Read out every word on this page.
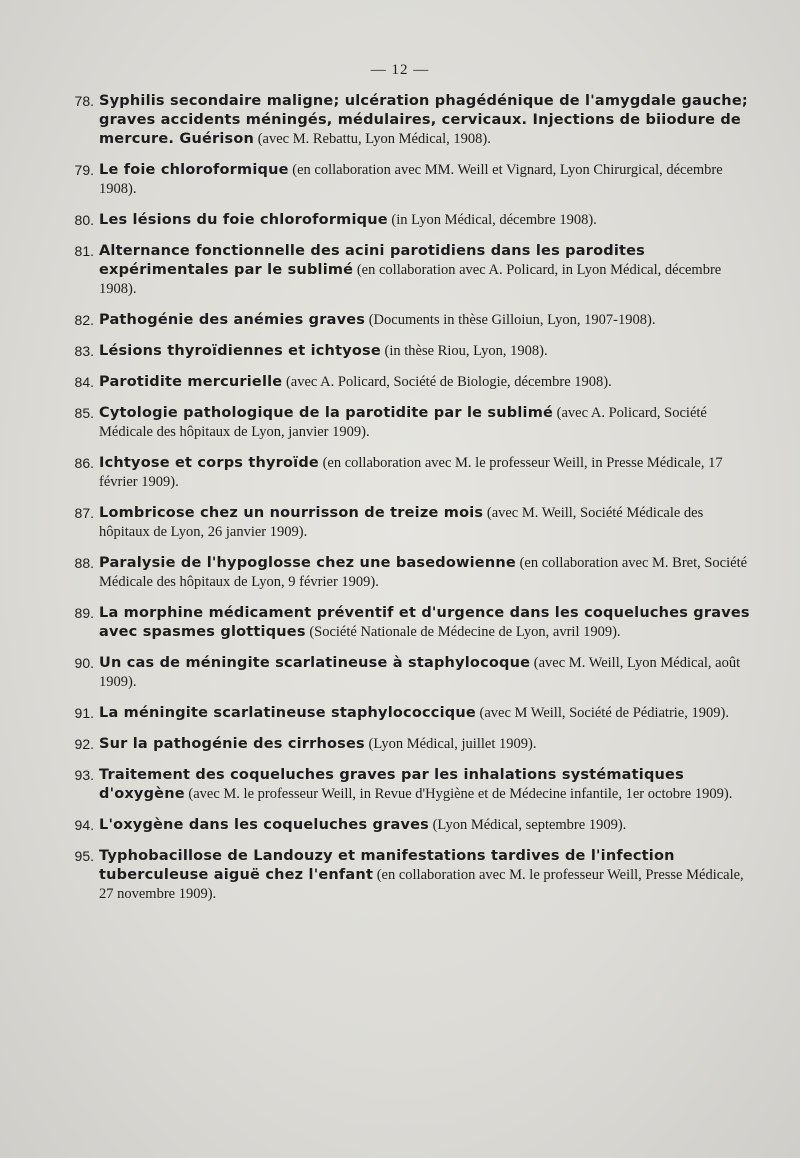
— 12 —
78. Syphilis secondaire maligne; ulcération phagédénique de l'amygdale gauche; graves accidents méningés, médulaires, cervicaux. Injections de biiodure de mercure. Guérison (avec M. Rebattu, Lyon Médical, 1908).
79. Le foie chloroformique (en collaboration avec MM. Weill et Vignard, Lyon Chirurgical, décembre 1908).
80. Les lésions du foie chloroformique (in Lyon Médical, décembre 1908).
81. Alternance fonctionnelle des acini parotidiens dans les parodites expérimentales par le sublimé (en collaboration avec A. Policard, in Lyon Médical, décembre 1908).
82. Pathogénie des anémies graves (Documents in thèse Gilloiun, Lyon, 1907-1908).
83. Lésions thyroïdiennes et ichtyose (in thèse Riou, Lyon, 1908).
84. Parotidite mercurielle (avec A. Policard, Société de Biologie, décembre 1908).
85. Cytologie pathologique de la parotidite par le sublimé (avec A. Policard, Société Médicale des hôpitaux de Lyon, janvier 1909).
86. Ichtyose et corps thyroïde (en collaboration avec M. le professeur Weill, in Presse Médicale, 17 février 1909).
87. Lombricose chez un nourrisson de treize mois (avec M. Weill, Société Médicale des hôpitaux de Lyon, 26 janvier 1909).
88. Paralysie de l'hypoglosse chez une basedowienne (en collaboration avec M. Bret, Société Médicale des hôpitaux de Lyon, 9 février 1909).
89. La morphine médicament préventif et d'urgence dans les coqueluches graves avec spasmes glottiques (Société Nationale de Médecine de Lyon, avril 1909).
90. Un cas de méningite scarlatineuse à staphylocoque (avec M. Weill, Lyon Médical, août 1909).
91. La méningite scarlatineuse staphylococcique (avec M Weill, Société de Pédiatrie, 1909).
92. Sur la pathogénie des cirrhoses (Lyon Médical, juillet 1909).
93. Traitement des coqueluches graves par les inhalations systématiques d'oxygène (avec M. le professeur Weill, in Revue d'Hygiène et de Médecine infantile, 1er octobre 1909).
94. L'oxygène dans les coqueluches graves (Lyon Médical, septembre 1909).
95. Typhobacillose de Landouzy et manifestations tardives de l'infection tuberculeuse aiguë chez l'enfant (en collaboration avec M. le professeur Weill, Presse Médicale, 27 novembre 1909).
